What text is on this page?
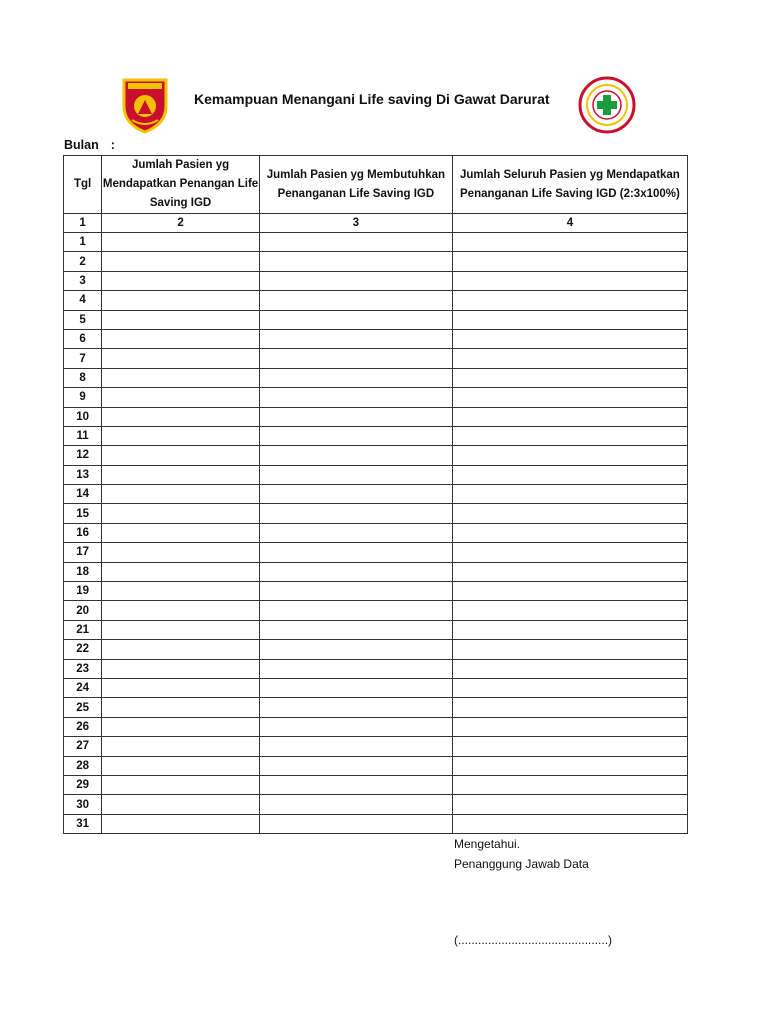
Kemampuan Menangani Life saving Di Gawat Darurat
Bulan :
Tgl	Jumlah Pasien yg Mendapatkan Penangan Life Saving IGD	Jumlah Pasien yg Membutuhkan Penanganan Life Saving IGD	Jumlah Seluruh Pasien yg Mendapatkan Penanganan Life Saving IGD (2:3x100%)
1	2	3	4
1			
2			
3			
4			
5			
6			
7			
8			
9			
10			
11			
12			
13			
14			
15			
16			
17			
18			
19			
20			
21			
22			
23			
24			
25			
26			
27			
28			
29			
30			
31			
Mengetahui.
Penanggung Jawab Data
(.............................................)
